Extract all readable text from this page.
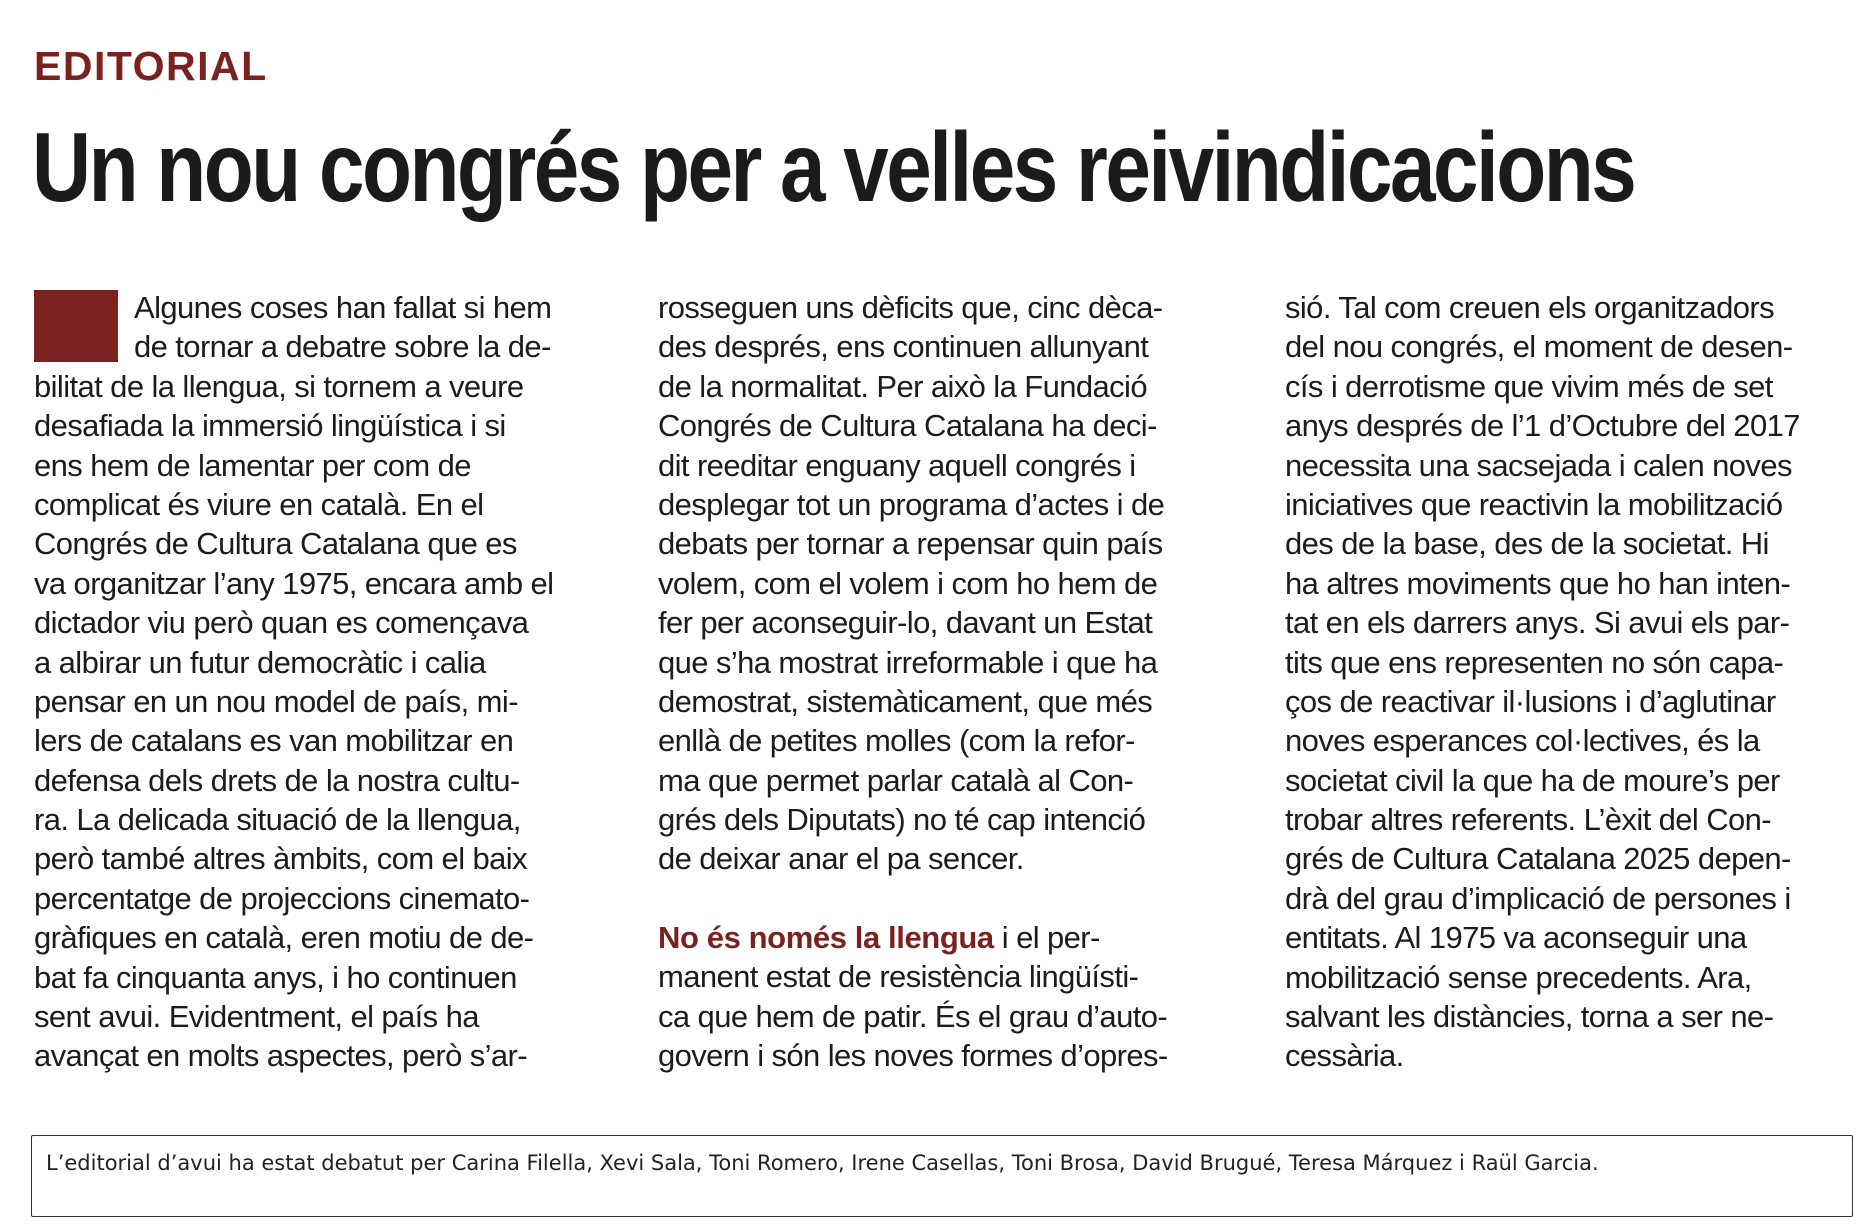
EDITORIAL
Un nou congrés per a velles reivindicacions
Algunes coses han fallat si hem
de tornar a debatre sobre la de-
bilitat de la llengua, si tornem a veure
desafiada la immersió lingüística i si
ens hem de lamentar per com de
complicat és viure en català. En el
Congrés de Cultura Catalana que es
va organitzar l’any 1975, encara amb el
dictador viu però quan es començava
a albirar un futur democràtic i calia
pensar en un nou model de país, mi-
lers de catalans es van mobilitzar en
defensa dels drets de la nostra cultu-
ra. La delicada situació de la llengua,
però també altres àmbits, com el baix
percentatge de projeccions cinemato-
gràfiques en català, eren motiu de de-
bat fa cinquanta anys, i ho continuen
sent avui. Evidentment, el país ha
avançat en molts aspectes, però s’ar-
rosseguen uns dèficits que, cinc dèca-
des després, ens continuen allunyant
de la normalitat. Per això la Fundació
Congrés de Cultura Catalana ha deci-
dit reeditar enguany aquell congrés i
desplegar tot un programa d’actes i de
debats per tornar a repensar quin país
volem, com el volem i com ho hem de
fer per aconseguir-lo, davant un Estat
que s’ha mostrat irreformable i que ha
demostrat, sistemàticament, que més
enllà de petites molles (com la refor-
ma que permet parlar català al Con-
grés dels Diputats) no té cap intenció
de deixar anar el pa sencer.
No és només la llengua i el per-
manent estat de resistència lingüísti-
ca que hem de patir. És el grau d’auto-
govern i són les noves formes d’opres-
sió. Tal com creuen els organitzadors
del nou congrés, el moment de desen-
cís i derrotisme que vivim més de set
anys després de l’1 d’Octubre del 2017
necessita una sacsejada i calen noves
iniciatives que reactivin la mobilització
des de la base, des de la societat. Hi
ha altres moviments que ho han inten-
tat en els darrers anys. Si avui els par-
tits que ens representen no són capa-
ços de reactivar il·lusions i d’aglutinar
noves esperances col·lectives, és la
societat civil la que ha de moure’s per
trobar altres referents. L’èxit del Con-
grés de Cultura Catalana 2025 depen-
drà del grau d’implicació de persones i
entitats. Al 1975 va aconseguir una
mobilització sense precedents. Ara,
salvant les distàncies, torna a ser ne-
cessària.
L’editorial d’avui ha estat debatut per Carina Filella, Xevi Sala, Toni Romero, Irene Casellas, Toni Brosa, David Brugué, Teresa Márquez i Raül Garcia.
